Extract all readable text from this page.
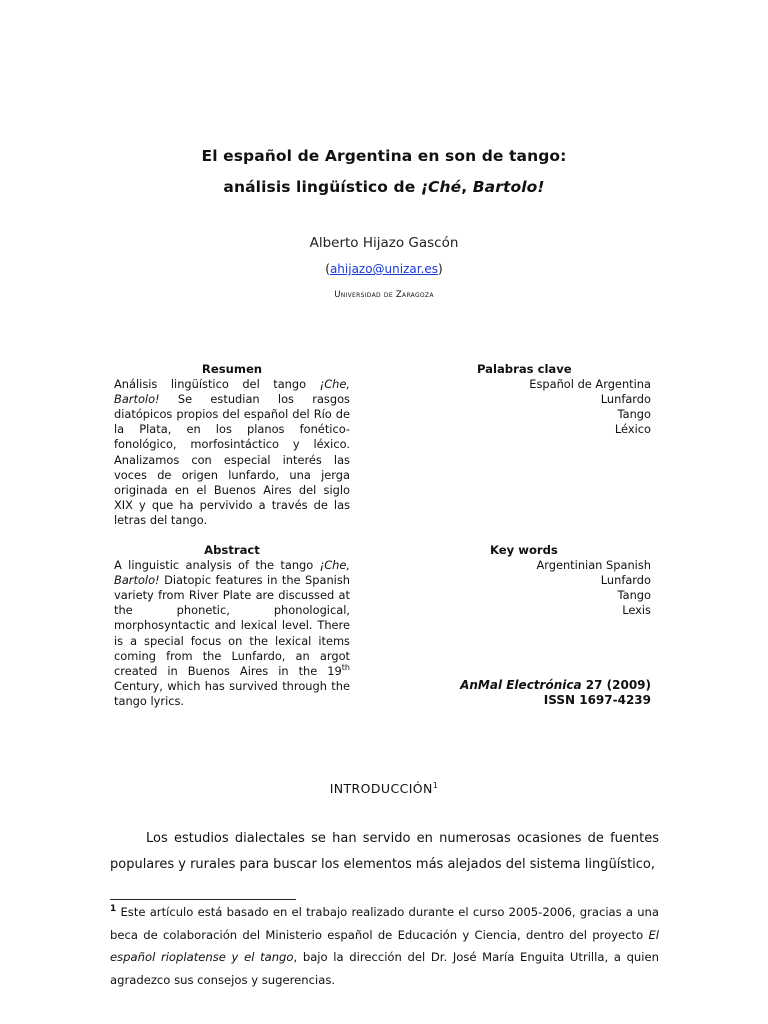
El español de Argentina en son de tango:
análisis lingüístico de ¡Ché, Bartolo!
Alberto Hijazo Gascón
(ahijazo@unizar.es)
Universidad de Zaragoza
Resumen
Análisis lingüístico del tango ¡Che, Bartolo! Se estudian los rasgos diatópicos propios del español del Río de la Plata, en los planos fonético-fonológico, morfosintáctico y léxico. Analizamos con especial interés las voces de origen lunfardo, una jerga originada en el Buenos Aires del siglo XIX y que ha pervivido a través de las letras del tango.
Palabras clave
Español de Argentina
Lunfardo
Tango
Léxico
Abstract
A linguistic analysis of the tango ¡Che, Bartolo! Diatopic features in the Spanish variety from River Plate are discussed at the phonetic, phonological, morphosyntactic and lexical level. There is a special focus on the lexical items coming from the Lunfardo, an argot created in Buenos Aires in the 19th Century, which has survived through the tango lyrics.
Key words
Argentinian Spanish
Lunfardo
Tango
Lexis
AnMal Electrónica 27 (2009)
ISSN 1697-4239
INTRODUCCIÓN$^1$
Los estudios dialectales se han servido en numerosas ocasiones de fuentes populares y rurales para buscar los elementos más alejados del sistema lingüístico,
$^1$ Este artículo está basado en el trabajo realizado durante el curso 2005-2006, gracias a una beca de colaboración del Ministerio español de Educación y Ciencia, dentro del proyecto El español rioplatense y el tango, bajo la dirección del Dr. José María Enguita Utrilla, a quien agradezco sus consejos y sugerencias.
